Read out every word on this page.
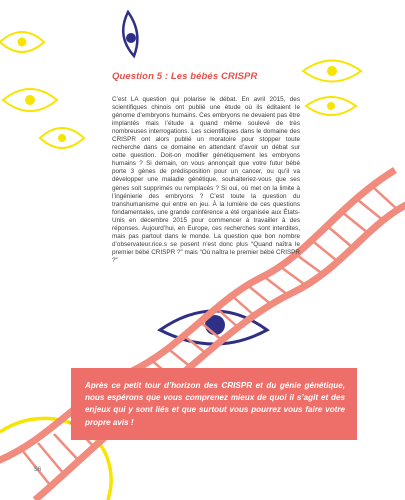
Question 5 : Les bébés CRISPR

C’est LA question qui polarise le débat. En avril 2015, des scientifiques chinois ont publié une étude où ils éditaient le génome d’embryons humains. Ces embryons ne devaient pas être implantés mais l’étude a quand même soulevé de très nombreuses interrogations. Les scientifiques dans le domaine des CRISPR ont alors publié un moratoire pour stopper toute recherche dans ce domaine en attendant d’avoir un débat sur cette question. Doit-on modifier génétiquement les embryons humains ? Si demain, on vous annonçait que votre futur bébé porte 3 gènes de prédisposition pour un cancer, ou qu’il va développer une maladie génétique, souhaiteriez-vous que ses gènes soit supprimés ou remplacés ? Si oui, où met on la limite à l’ingénierie des embryons ? C’est toute la question du transhumanisme qui entre en jeu. À la lumière de ces questions fondamentales, une grande conférence a été organisée aux États-Unis en décembre 2015 pour commencer à travailler à des réponses. Aujourd’hui, en Europe, ces recherches sont interdites, mais pas partout dans le monde. La question que bon nombre d’observateur.rice.s se posent n’est donc plus “Quand naîtra le premier bébé CRISPR ?” mais “Où naîtra le premier bébé CRISPR ?”

Après ce petit tour d’horizon des CRISPR et du génie génétique, nous espérons que vous comprenez mieux de quoi il s’agit et des enjeux qui y sont liés et que surtout vous pourrez vous faire votre propre avis !

56
